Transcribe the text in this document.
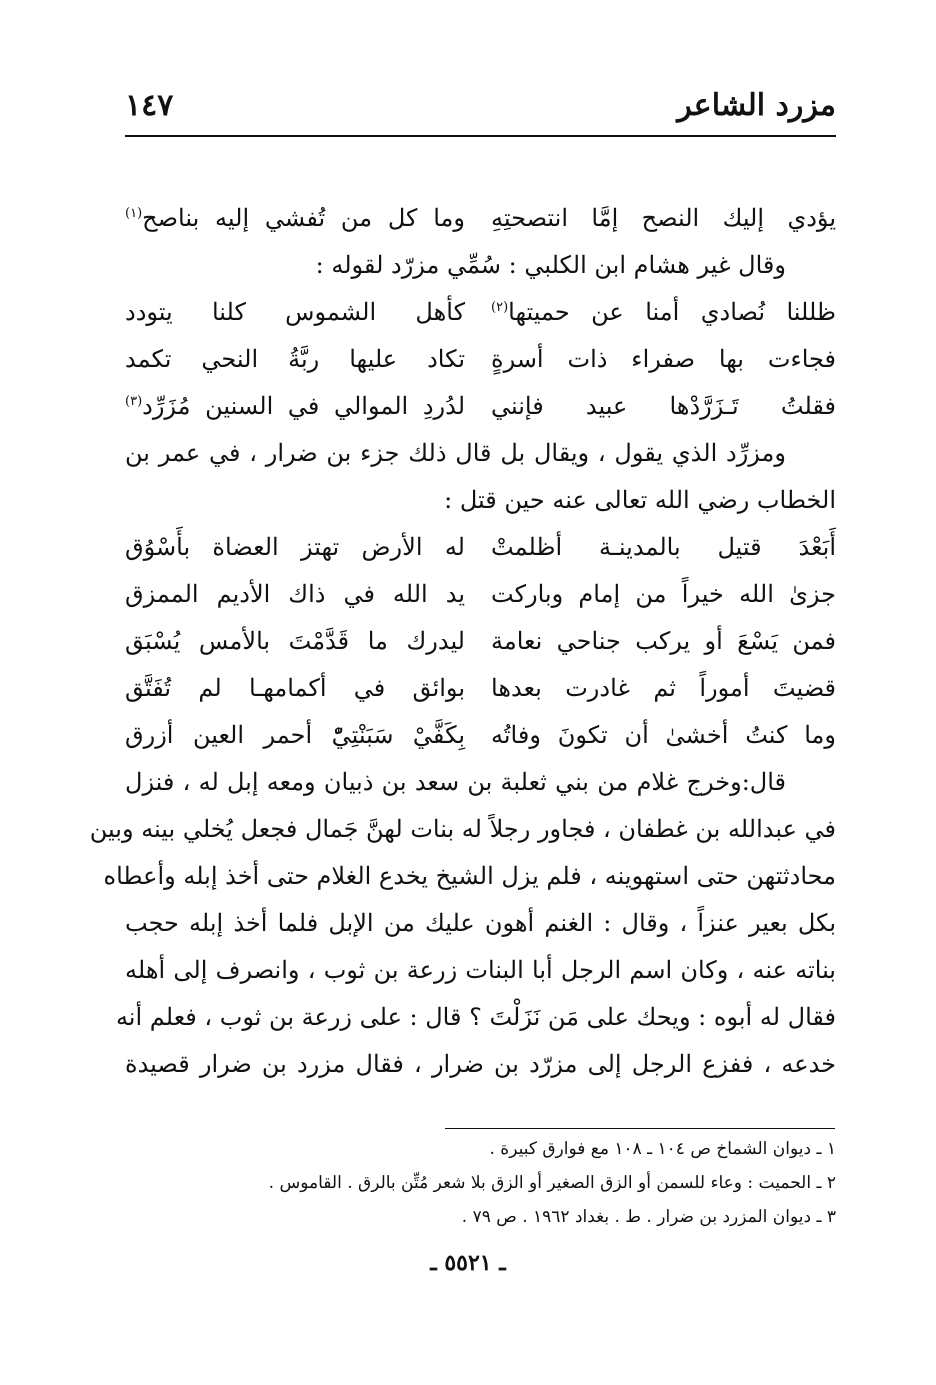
مزرد الشاعر
١٤٧
يؤدي إليك النصح إمَّا انتصحتِهِ
وما كل من تُفشي إليه بناصح$^{(١)}$
وقال غير هشام ابن الكلبي : سُمِّي مزرّد لقوله :
ظللنا نُصادي أمنا عن حميتها$^{(٢)}$
كأهل الشموس كلنا يتودد
فجاءت بها صفراء ذات أسرةٍ
تكاد عليها ربَّةُ النحي تكمد
فقلتُ تَـزَرَّدْها عبيد فإنني
لدُردِ الموالي في السنين مُزَرِّد$^{(٣)}$
ومزرِّد الذي يقول ، ويقال بل قال ذلك جزء بن ضرار ، في عمر بن
الخطاب رضي الله تعالى عنه حين قتل :
أَبَعْدَ قتيل بالمدينـة أظلمتْ
له الأرض تهتز العضاة بأَسْوُق
جزىٰ الله خيراً من إمام وباركت
يد الله في ذاك الأديم الممزق
فمن يَسْعَ أو يركب جناحي نعامة
ليدرك ما قَدَّمْتَ بالأمس يُسْبَق
قضيتَ أموراً ثم غادرت بعدها
بوائق في أكمامهـا لم تُفَتَّق
وما كنتُ أخشىٰ أن تكونَ وفاتُه
بِكَفَّيْ سَبَنْتِيّْ أحمر العين أزرق
قال:وخرج غلام من بني ثعلبة بن سعد بن ذبيان ومعه إبل له ، فنزل
في عبدالله بن غطفان ، فجاور رجلاً له بنات لهنَّ جَمال فجعل يُخلي بينه وبين
محادثتهن حتى استهوينه ، فلم يزل الشيخ يخدع الغلام حتى أخذ إبله وأعطاه
بكل بعير عنزاً ، وقال : الغنم أهون عليك من الإبل فلما أخذ إبله حجب
بناته عنه ، وكان اسم الرجل أبا البنات زرعة بن ثوب ، وانصرف إلى أهله
فقال له أبوه : ويحك على مَن نَزَلْتَ ؟ قال : على زرعة بن ثوب ، فعلم أنه
خدعه ، ففزع الرجل إلى مزرّد بن ضرار ، فقال مزرد بن ضرار قصيدة
١ ـ ديوان الشماخ ص ١٠٤ ـ ١٠٨ مع فوارق كبيرة .
٢ ـ الحميت : وعاء للسمن أو الزق الصغير أو الزق بلا شعر مُتِّن بالرق . القاموس .
٣ ـ ديوان المزرد بن ضرار . ط . بغداد ١٩٦٢ . ص ٧٩ .
ـ ٥٥٢١ ـ
